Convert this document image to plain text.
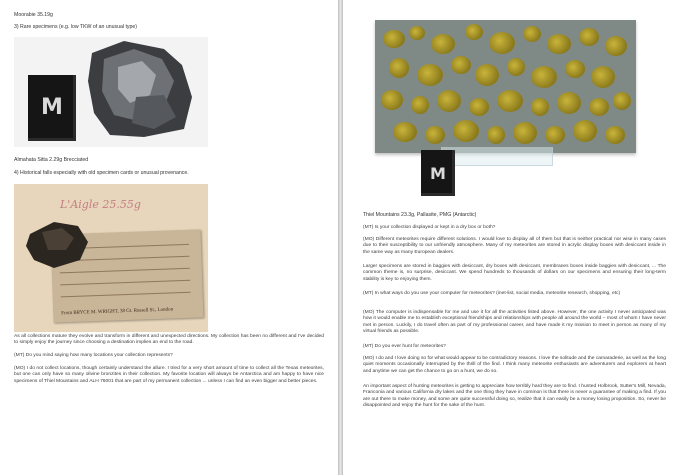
Moorabie 35.19g

3) Rare specimens (e.g. low TKW of an unusual type)

M

Almahata Sitta 2.29g Brecciated

4) Historical falls especially with old specimen cards or unusual provenance.

L'Aigle 25.55g
From BRYCE M. WRIGHT, 38 Gt. Russell St., London

As all collections mature they evolve and transform in different and unexpected directions. My collection has been no different and I've decided to simply enjoy the journey since choosing a destination implies an end to the road.

(MT) Do you mind saying how many locations your collection represents?

(MO) I do not collect locations, though certainly understand the allure. I tried for a very short amount of time to collect all the Texas meteorites, but one can only have so many olivine bronzites in their collection. My favorite location will always be Antarctica and am happy to have nice specimens of Thiel Mountains and ALH 76001 that are part of my permanent collection ... unless I can find an even bigger and better pieces.

M

Thiel Mountains 23.3g, Pallasite, PMG (Antarctic)

(MT) Is your collection displayed or kept in a dry box or both?

(MO) Different meteorites require different solutions. I would love to display all of them but that is neither practical nor wise in many cases due to their susceptibility to our unfriendly atmosphere. Many of my meteorites are stored in acrylic display boxes with desiccant inside in the same way as many European dealers.

Larger specimens are stored in baggies with desiccant, dry boxes with desiccant, membranes boxes inside baggies with desiccant, ... The common theme is, no surprise, desiccant. We spend hundreds to thousands of dollars on our specimens and ensuring their long-term stability is key to enjoying them.

(MT) In what ways do you use your computer for meteorites? (inet-list, social media, meteorite research, shopping, etc)

(MO) The computer is indispensable for me and use it for all the activities listed above. However, the one activity I never anticipated was how it would enable me to establish exceptional friendships and relationships with people all around the world – most of whom I have never met in person. Luckily, I do travel often as part of my professional career, and have made it my mission to meet in person as many of my virtual friends as possible.

(MT) Do you ever hunt for meteorites?

(MO) I do and I love doing so for what would appear to be contradictory reasons. I love the solitude and the camaraderie, as well as the long quiet moments occasionally interrupted by the thrill of the find. I think many meteorite enthusiasts are adventurers and explorers at heart and anytime we can get the chance to go on a hunt, we do so.

An important aspect of hunting meteorites is getting to appreciate how terribly hard they are to find. I hunted Holbrook, Sutter's Mill, Nevada, Franconia and various California dry lakes and the one thing they have in common is that there is never a guarantee of making a find. If you are out there to make money, and some are quite successful doing so, realize that it can easily be a money losing proposition. So, never be disappointed and enjoy the hunt for the sake of the hunt.
